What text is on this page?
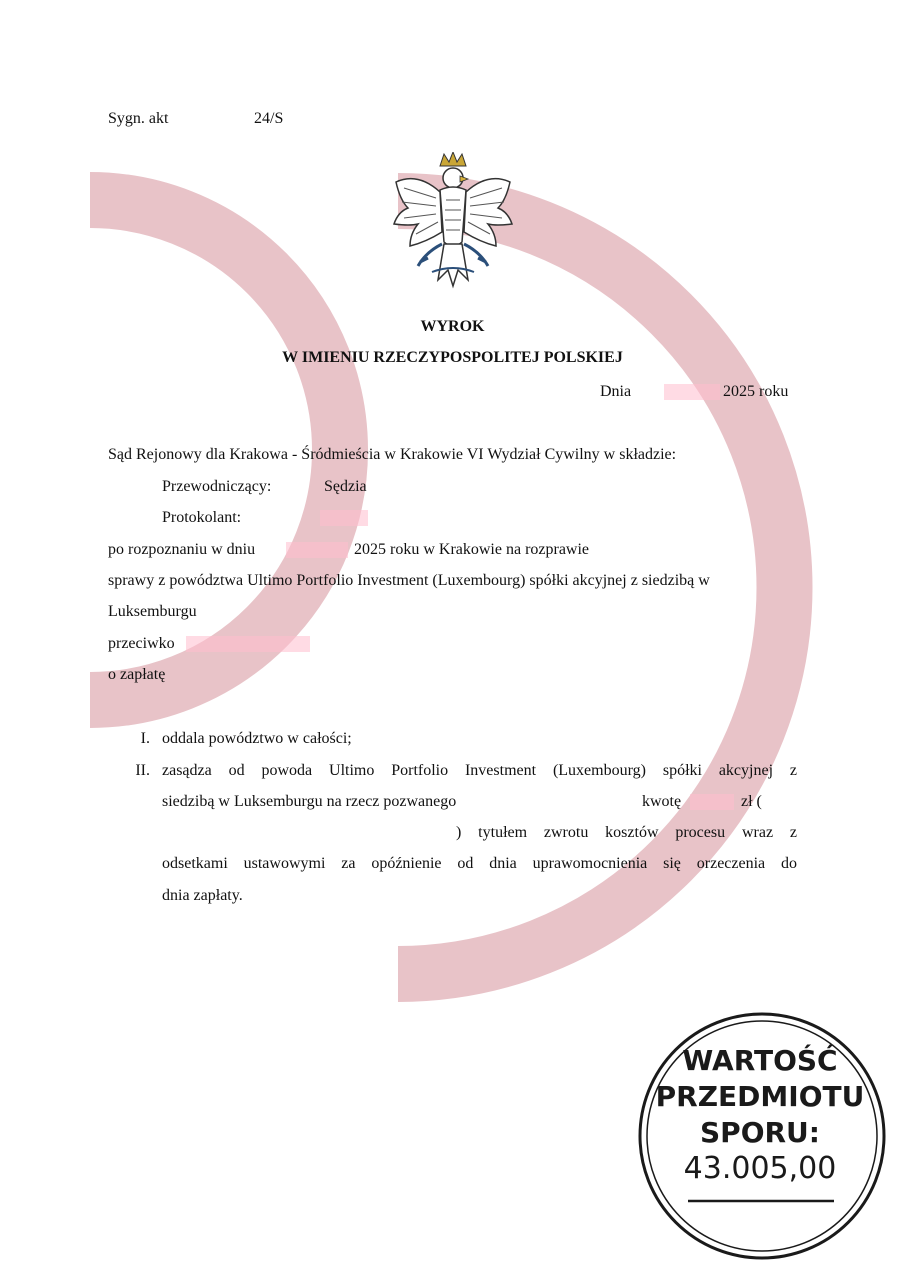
Sygn. akt	24/S
WYROK
W IMIENIU RZECZYPOSPOLITEJ POLSKIEJ
Dnia	2025 roku
Sąd Rejonowy dla Krakowa - Śródmieścia w Krakowie VI Wydział Cywilny w składzie:
Przewodniczący:	Sędzia
Protokolant:
po rozpoznaniu w dniu	2025 roku w Krakowie na rozprawie
sprawy z powództwa Ultimo Portfolio Investment (Luxembourg) spółki akcyjnej z siedzibą w
Luksemburgu
przeciwko
o zapłatę
I. oddala powództwo w całości;
II. zasądza od powoda Ultimo Portfolio Investment (Luxembourg) spółki akcyjnej z
siedzibą w Luksemburgu na rzecz pozwanego	kwotę	zł (
) tytułem zwrotu kosztów procesu wraz z
odsetkami ustawowymi za opóźnienie od dnia uprawomocnienia się orzeczenia do
dnia zapłaty.
WARTOŚĆ
PRZEDMIOTU
SPORU:
43.005,00
